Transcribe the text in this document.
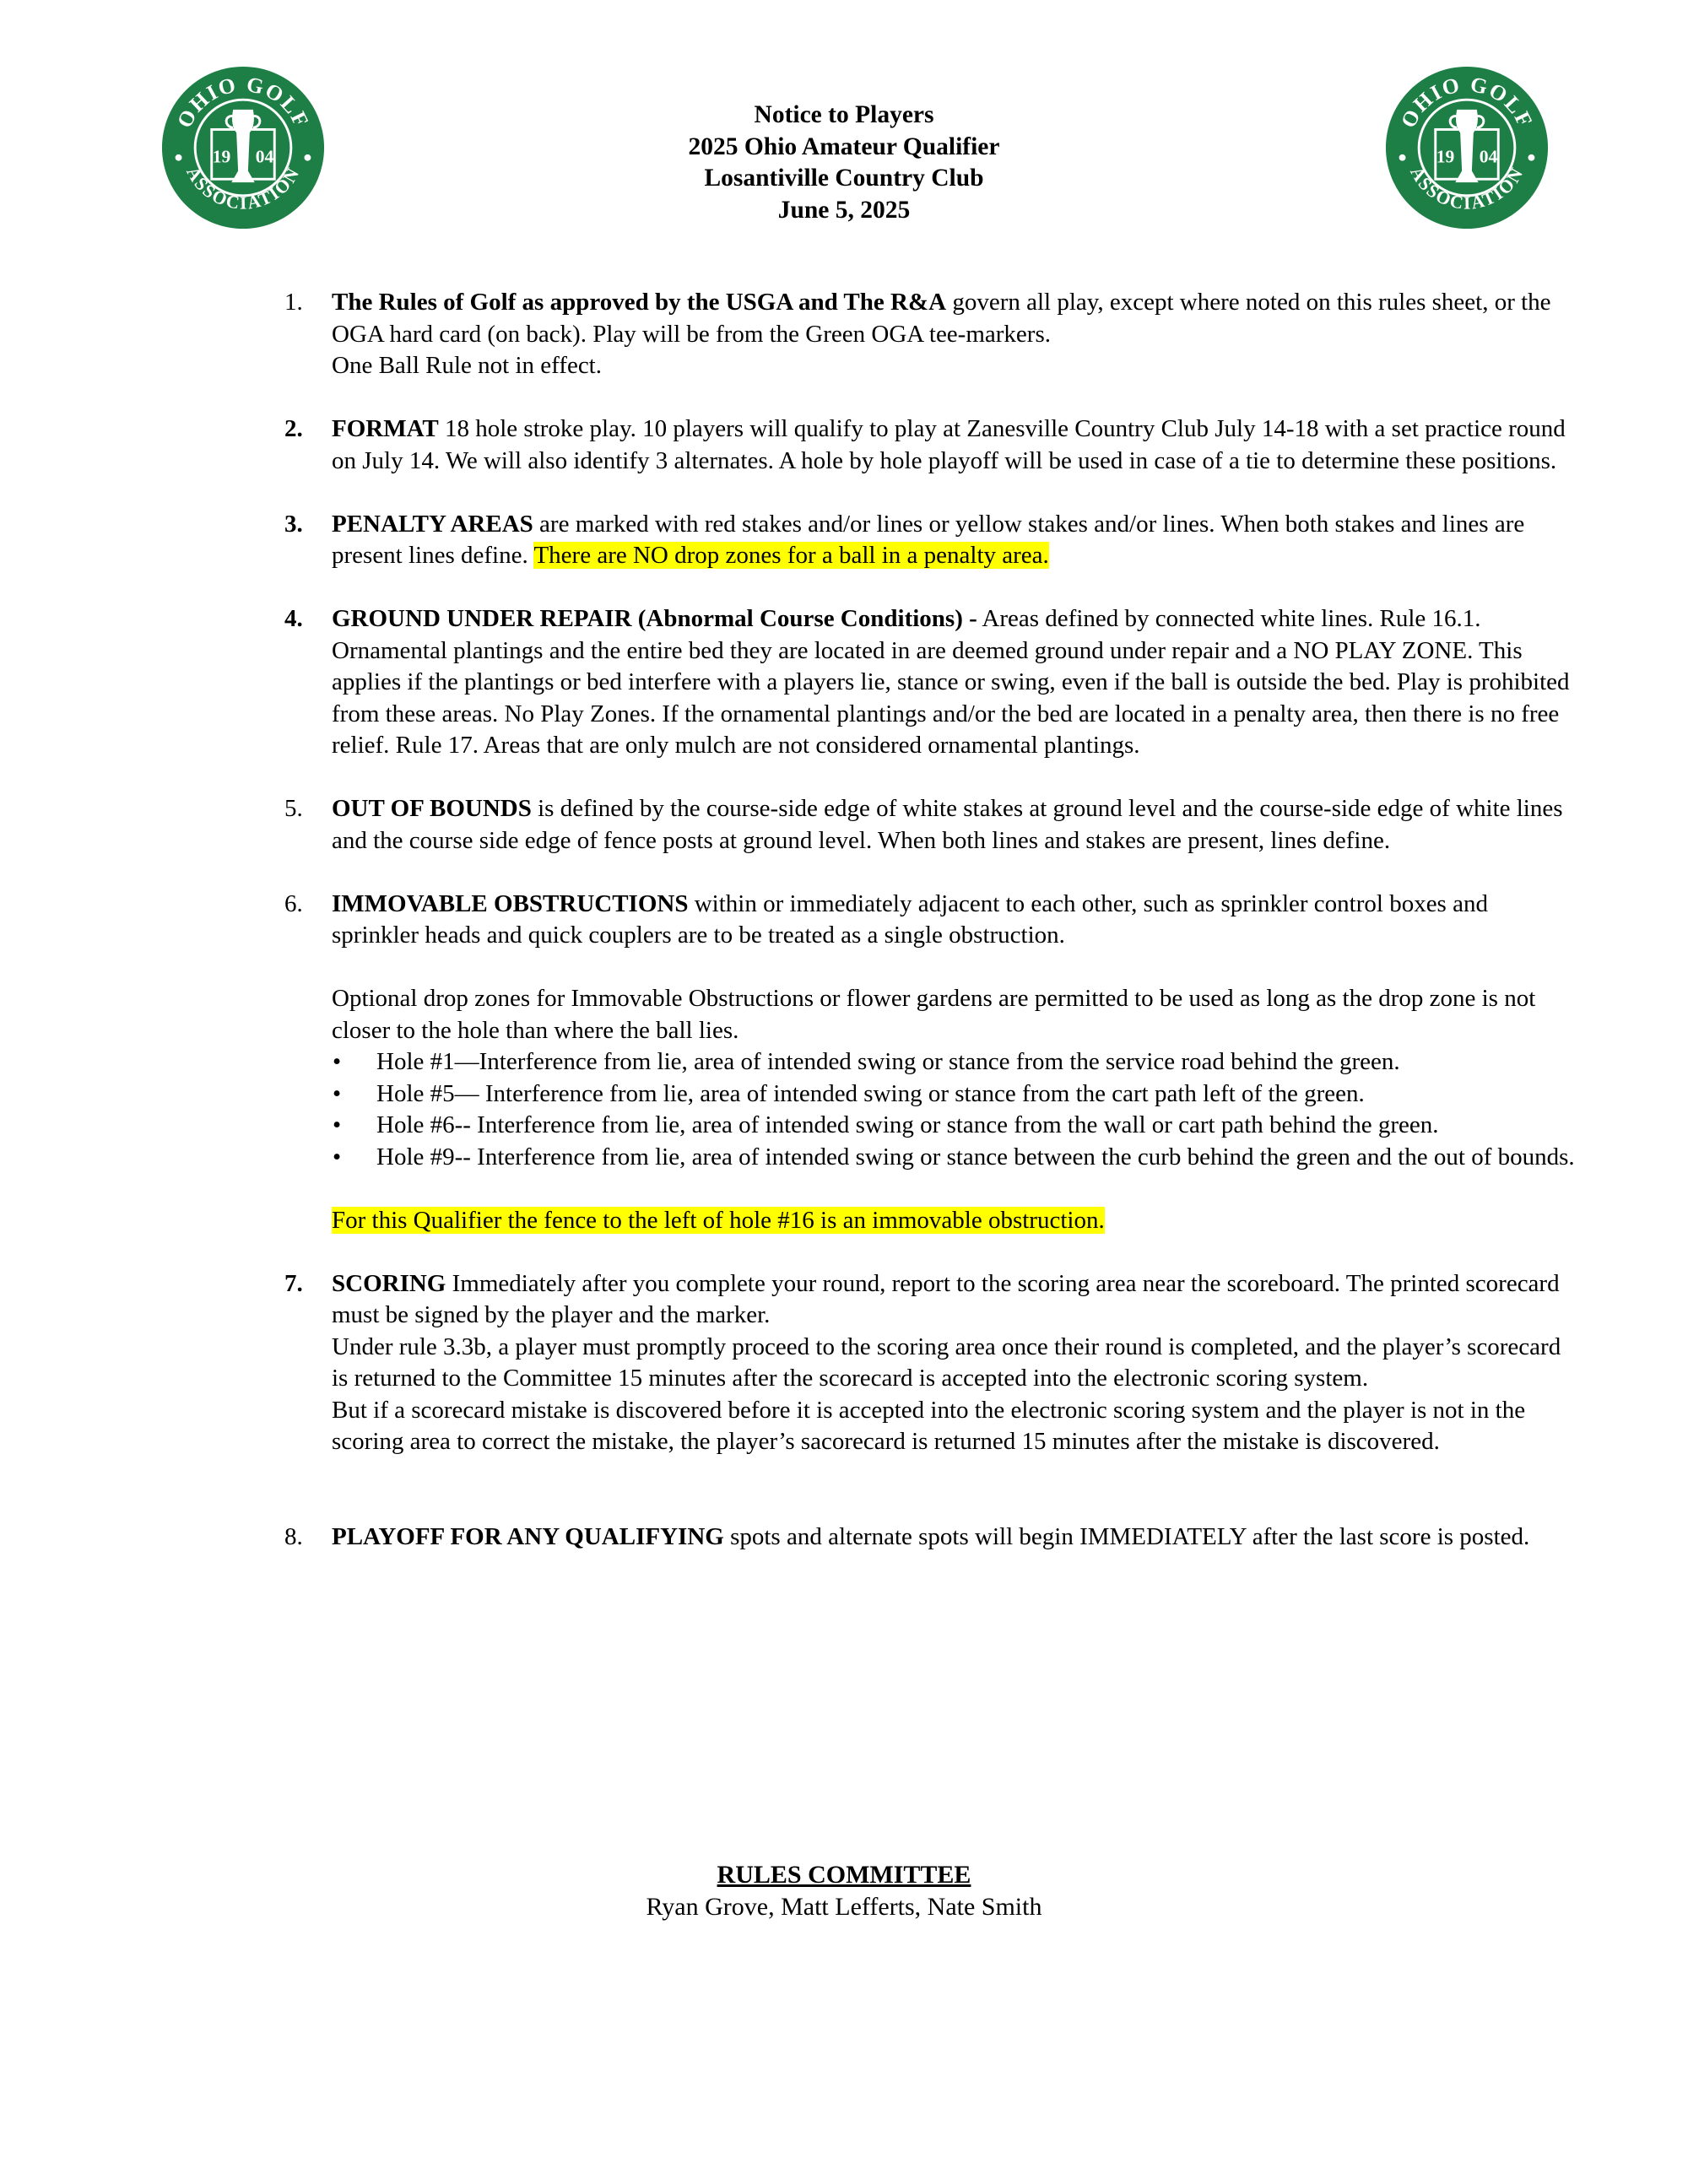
OHIO GOLF
ASSOCIATION
19 04
OHIO GOLF
ASSOCIATION
19 04
Notice to Players
2025 Ohio Amateur Qualifier
Losantiville Country Club
June 5, 2025
1. The Rules of Golf as approved by the USGA and The R&A govern all play, except where noted on this rules sheet, or the OGA hard card (on back). Play will be from the Green OGA tee-markers.

One Ball Rule not in effect.

2. FORMAT 18 hole stroke play. 10 players will qualify to play at Zanesville Country Club July 14-18 with a set practice round on July 14. We will also identify 3 alternates. A hole by hole playoff will be used in case of a tie to determine these positions.

3. PENALTY AREAS are marked with red stakes and/or lines or yellow stakes and/or lines. When both stakes and lines are present lines define. There are NO drop zones for a ball in a penalty area.

4. GROUND UNDER REPAIR (Abnormal Course Conditions) - Areas defined by connected white lines. Rule 16.1. Ornamental plantings and the entire bed they are located in are deemed ground under repair and a NO PLAY ZONE. This applies if the plantings or bed interfere with a players lie, stance or swing, even if the ball is outside the bed. Play is prohibited from these areas. No Play Zones. If the ornamental plantings and/or the bed are located in a penalty area, then there is no free relief. Rule 17. Areas that are only mulch are not considered ornamental plantings.

5. OUT OF BOUNDS is defined by the course-side edge of white stakes at ground level and the course-side edge of white lines and the course side edge of fence posts at ground level. When both lines and stakes are present, lines define.

6. IMMOVABLE OBSTRUCTIONS within or immediately adjacent to each other, such as sprinkler control boxes and sprinkler heads and quick couplers are to be treated as a single obstruction.

Optional drop zones for Immovable Obstructions or flower gardens are permitted to be used as long as the drop zone is not closer to the hole than where the ball lies.

• Hole #1—Interference from lie, area of intended swing or stance from the service road behind the green.
• Hole #5— Interference from lie, area of intended swing or stance from the cart path left of the green.
• Hole #6-- Interference from lie, area of intended swing or stance from the wall or cart path behind the green.
• Hole #9-- Interference from lie, area of intended swing or stance between the curb behind the green and the out of bounds.

For this Qualifier the fence to the left of hole #16 is an immovable obstruction.

7. SCORING Immediately after you complete your round, report to the scoring area near the scoreboard. The printed scorecard must be signed by the player and the marker.

Under rule 3.3b, a player must promptly proceed to the scoring area once their round is completed, and the player’s scorecard is returned to the Committee 15 minutes after the scorecard is accepted into the electronic scoring system.

But if a scorecard mistake is discovered before it is accepted into the electronic scoring system and the player is not in the scoring area to correct the mistake, the player’s sacorecard is returned 15 minutes after the mistake is discovered.

8. PLAYOFF FOR ANY QUALIFYING spots and alternate spots will begin IMMEDIATELY after the last score is posted.

RULES COMMITTEE
Ryan Grove, Matt Lefferts, Nate Smith
